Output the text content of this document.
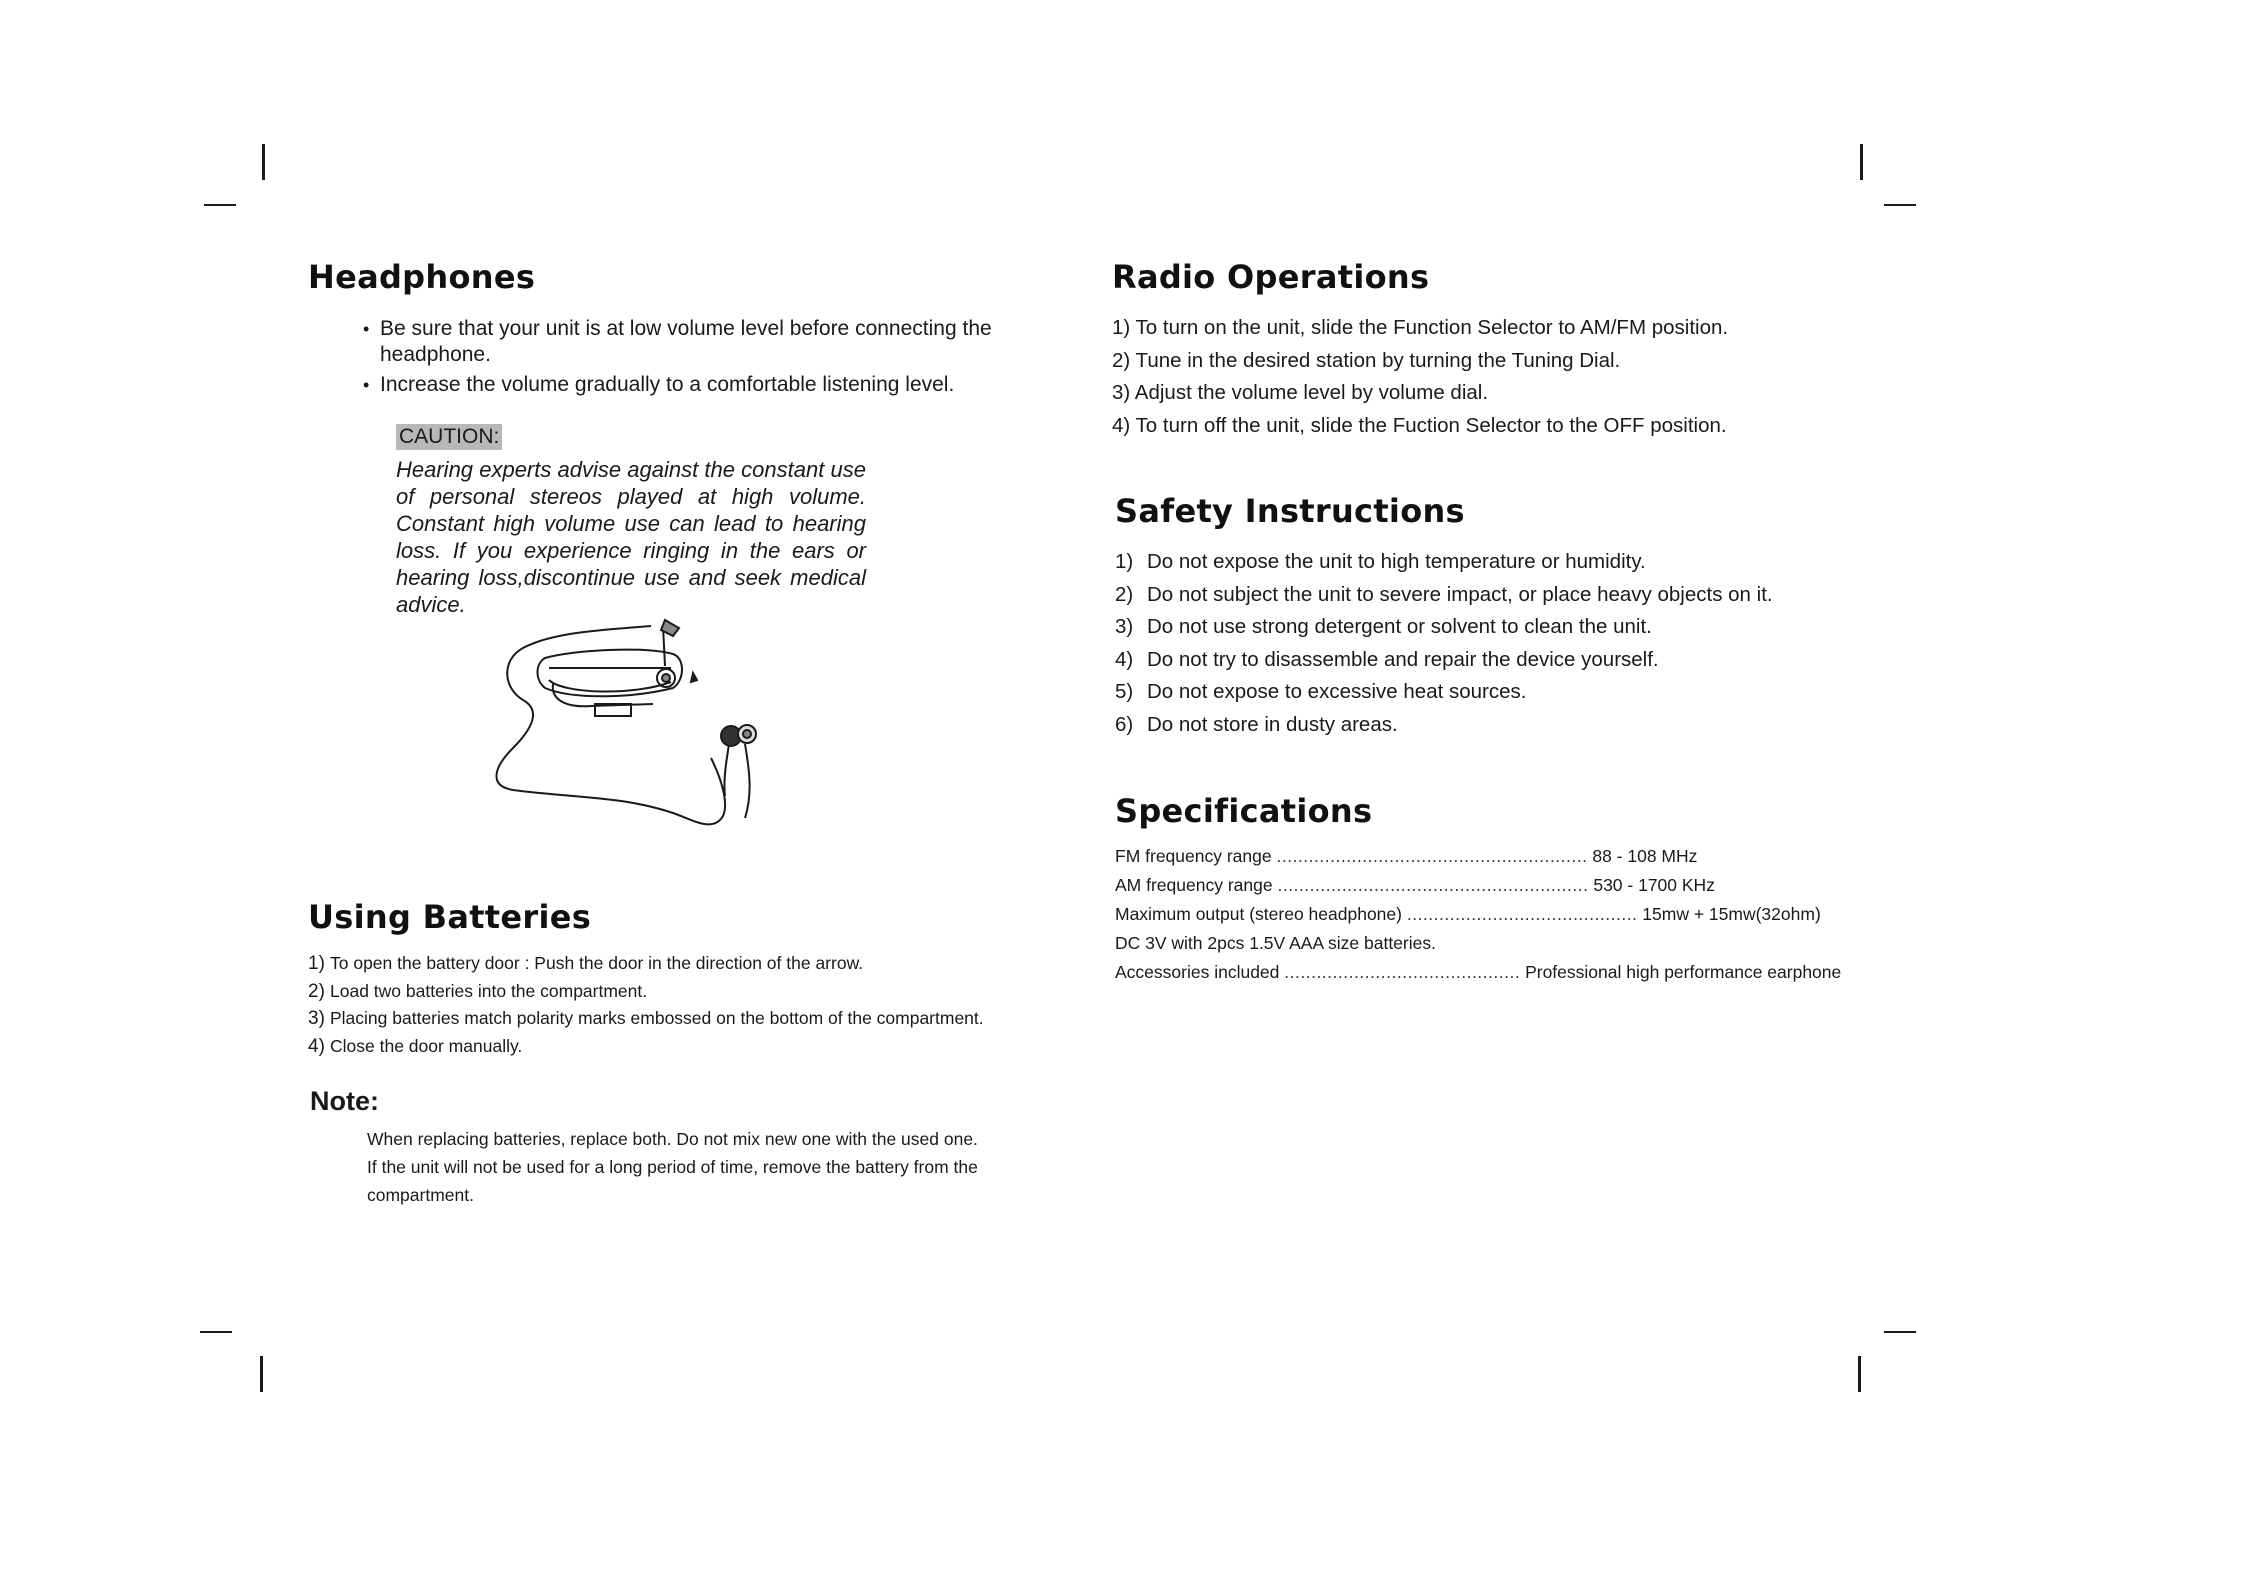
Headphones
• Be sure that your unit is at low volume level before connecting the headphone.
• Increase the volume gradually to a comfortable listening level.
CAUTION:

Hearing experts advise against the constant use of personal stereos played at high volume. Constant high volume use can lead to hearing loss. If you experience ringing in the ears or hearing loss,discontinue use and seek medical advice.

Using Batteries
1) To open the battery door : Push the door in the direction of the arrow.
2) Load two batteries into the compartment.
3) Placing batteries match polarity marks embossed on the bottom of the compartment.
4) Close the door manually.
Note:

When replacing batteries, replace both. Do not mix new one with the used one.

If the unit will not be used for a long period of time, remove the battery from the compartment.

Radio Operations
1) To turn on the unit, slide the Function Selector to AM/FM position.
2) Tune in the desired station by turning the Tuning Dial.
3) Adjust the volume level by volume dial.
4) To turn off the unit, slide the Fuction Selector to the OFF position.
Safety Instructions
1) Do not expose the unit to high temperature or humidity.
2) Do not subject the unit to severe impact, or place heavy objects on it.
3) Do not use strong detergent or solvent to clean the unit.
4) Do not try to disassemble and repair the device yourself.
5) Do not expose to excessive heat sources.
6) Do not store in dusty areas.
Specifications
FM frequency range .......................................................... 88 - 108 MHz
AM frequency range .......................................................... 530 - 1700 KHz
Maximum output (stereo headphone) ........................................... 15mw + 15mw(32ohm)
DC 3V with 2pcs 1.5V AAA size batteries.
Accessories included ............................................ Professional high performance earphone
